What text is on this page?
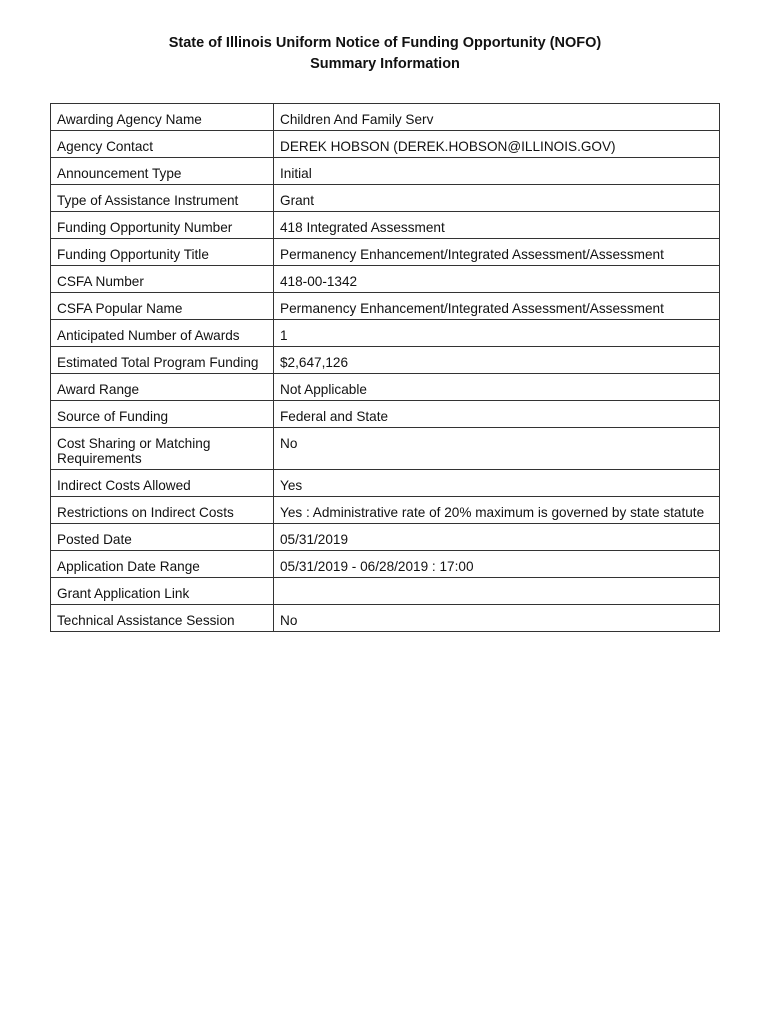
State of Illinois Uniform Notice of Funding Opportunity (NOFO)
Summary Information
Awarding Agency Name	Children And Family Serv
Agency Contact	DEREK HOBSON (DEREK.HOBSON@ILLINOIS.GOV)
Announcement Type	Initial
Type of Assistance Instrument	Grant
Funding Opportunity Number	418 Integrated Assessment
Funding Opportunity Title	Permanency Enhancement/Integrated Assessment/Assessment
CSFA Number	418-00-1342
CSFA Popular Name	Permanency Enhancement/Integrated Assessment/Assessment
Anticipated Number of Awards	1
Estimated Total Program Funding	$2,647,126
Award Range	Not Applicable
Source of Funding	Federal and State
Cost Sharing or Matching Requirements	No
Indirect Costs Allowed	Yes
Restrictions on Indirect Costs	Yes : Administrative rate of 20% maximum is governed by state statute
Posted Date	05/31/2019
Application Date Range	05/31/2019 - 06/28/2019 : 17:00
Grant Application Link	
Technical Assistance Session	No
